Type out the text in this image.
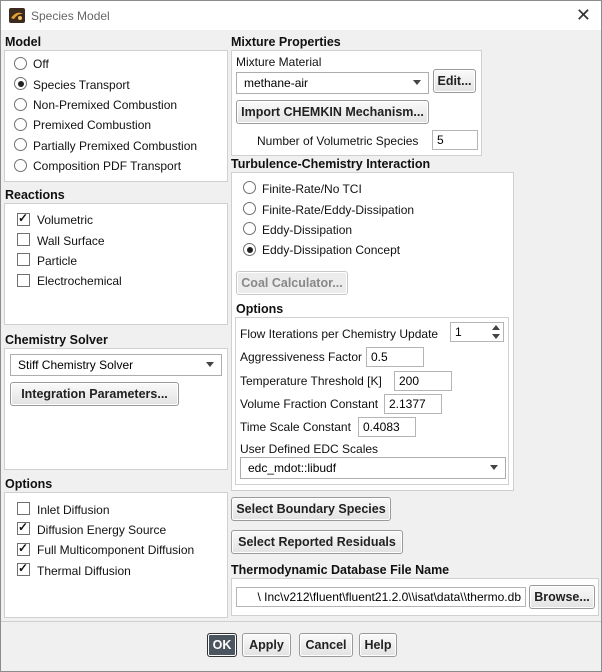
Species Model	✕
Model
Off
Species Transport
Non-Premixed Combustion
Premixed Combustion
Partially Premixed Combustion
Composition PDF Transport
Reactions
✓
Volumetric
Wall Surface
Particle
Electrochemical
Chemistry Solver
Stiff Chemistry Solver
Integration Parameters...
Options
Inlet Diffusion
✓
Diffusion Energy Source
✓
Full Multicomponent Diffusion
✓
Thermal Diffusion
Mixture Properties
Mixture Material
methane-air	Edit...
Import CHEMKIN Mechanism...
Number of Volumetric Species 5
Turbulence-Chemistry Interaction
Finite-Rate/No TCI
Finite-Rate/Eddy-Dissipation
Eddy-Dissipation
Eddy-Dissipation Concept
Coal Calculator...
Options
Flow Iterations per Chemistry Update 1
Aggressiveness Factor 0.5
Temperature Threshold [K] 200
Volume Fraction Constant 2.1377
Time Scale Constant 0.4083
User Defined EDC Scales
edc_mdot::libudf
Select Boundary Species
Select Reported Residuals
Thermodynamic Database File Name
\ Inc\v212\fluent\fluent21.2.0\\isat\data\\thermo.db	Browse...
OK	Apply	Cancel	Help
